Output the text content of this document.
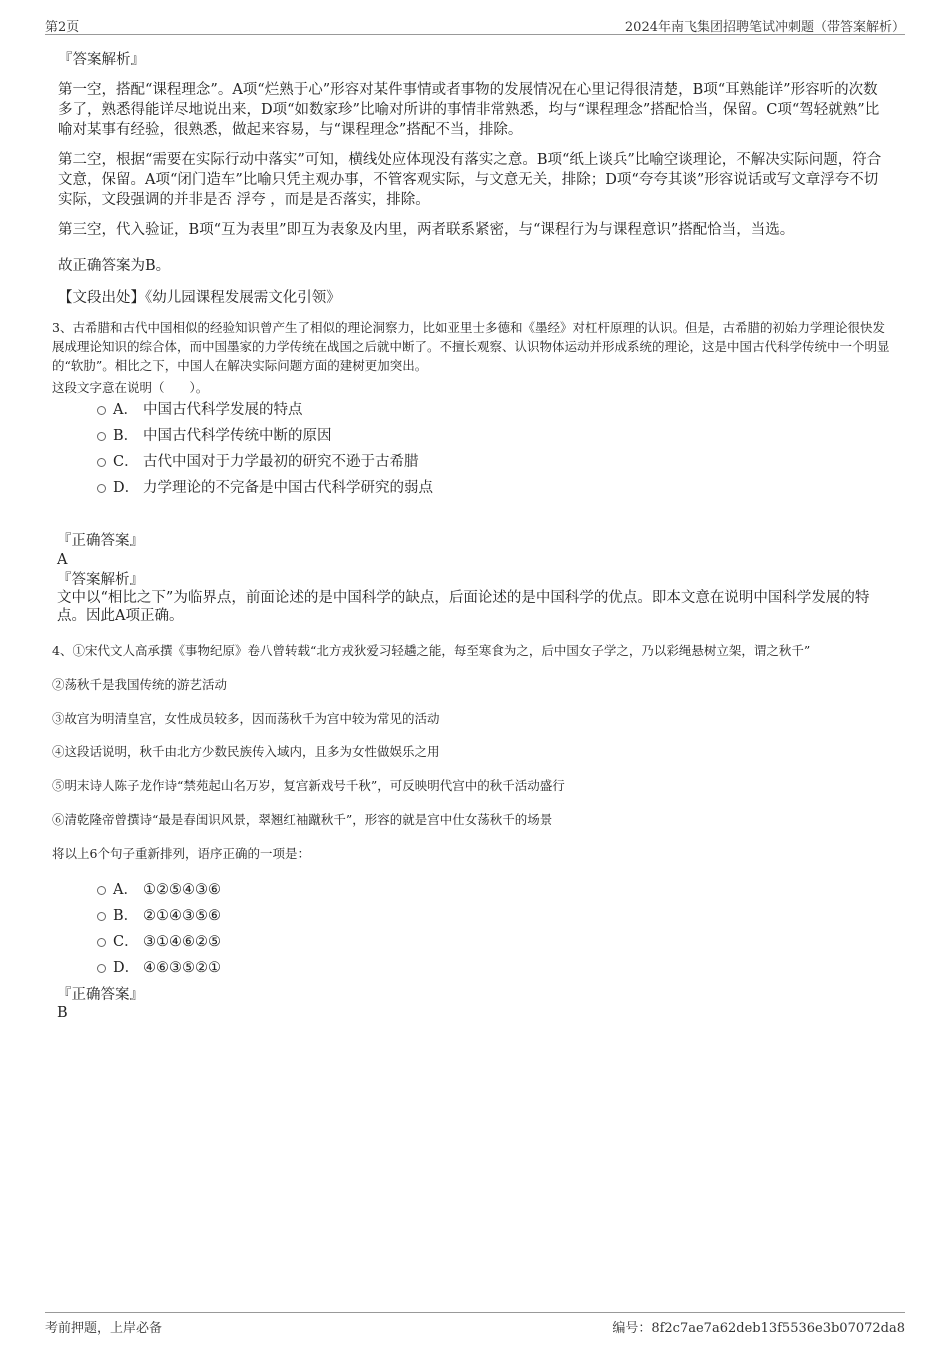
第2页	2024年南飞集团招聘笔试冲刺题（带答案解析）

『答案解析』

第一空，搭配“课程理念”。A项“烂熟于心”形容对某件事情或者事物的发展情况在心里记得很清楚，B项“耳熟能详”形容听的次数多了，熟悉得能详尽地说出来，D项“如数家珍”比喻对所讲的事情非常熟悉，均与“课程理念”搭配恰当，保留。C项“驾轻就熟”比喻对某事有经验，很熟悉，做起来容易，与“课程理念”搭配不当，排除。

第二空，根据“需要在实际行动中落实”可知，横线处应体现没有落实之意。B项“纸上谈兵”比喻空谈理论，不解决实际问题，符合文意，保留。A项“闭门造车”比喻只凭主观办事，不管客观实际，与文意无关，排除；D项“夸夸其谈”形容说话或写文章浮夸不切实际，文段强调的并非是否 浮夸 ，而是是否落实，排除。

第三空，代入验证，B项“互为表里”即互为表象及内里，两者联系紧密，与“课程行为与课程意识”搭配恰当，当选。

故正确答案为B。

【文段出处】《幼儿园课程发展需文化引领》

3、古希腊和古代中国相似的经验知识曾产生了相似的理论洞察力，比如亚里士多德和《墨经》对杠杆原理的认识。但是，古希腊的初始力学理论很快发展成理论知识的综合体，而中国墨家的力学传统在战国之后就中断了。不擅长观察、认识物体运动并形成系统的理论，这是中国古代科学传统中一个明显的“软肋”。相比之下，中国人在解决实际问题方面的建树更加突出。

这段文字意在说明（　　）。

A． 中国古代科学发展的特点
B． 中国古代科学传统中断的原因
C． 古代中国对于力学最初的研究不逊于古希腊
D． 力学理论的不完备是中国古代科学研究的弱点

『正确答案』

A

『答案解析』

文中以“相比之下”为临界点，前面论述的是中国科学的缺点，后面论述的是中国科学的优点。即本文意在说明中国科学发展的特点。因此A项正确。

4、①宋代文人高承撰《事物纪原》卷八曾转载“北方戎狄爱习轻趫之能，每至寒食为之，后中国女子学之，乃以彩绳悬树立架，谓之秋千”

②荡秋千是我国传统的游艺活动

③故宫为明清皇宫，女性成员较多，因而荡秋千为宫中较为常见的活动

④这段话说明，秋千由北方少数民族传入域内，且多为女性做娱乐之用

⑤明末诗人陈子龙作诗“禁苑起山名万岁，复宫新戏号千秋”，可反映明代宫中的秋千活动盛行

⑥清乾隆帝曾撰诗“最是春闺识风景，翠翘红袖蹴秋千”，形容的就是宫中仕女荡秋千的场景

将以上6个句子重新排列，语序正确的一项是：

A． ①②⑤④③⑥
B． ②①④③⑤⑥
C． ③①④⑥②⑤
D． ④⑥③⑤②①

『正确答案』

B

考前押题，上岸必备	编号：8f2c7ae7a62deb13f5536e3b07072da8
